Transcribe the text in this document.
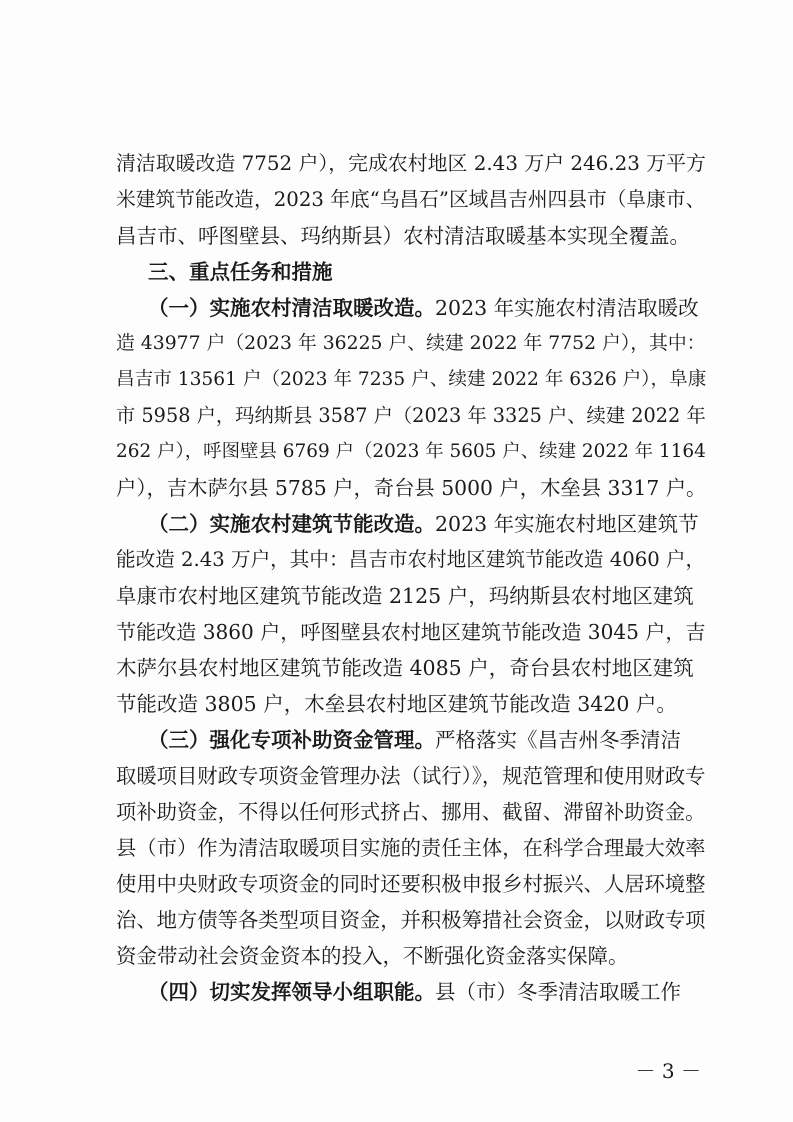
清洁取暖改造 7752 户），完成农村地区 2.43 万户 246.23 万平方
米建筑节能改造，2023 年底“乌昌石”区域昌吉州四县市（阜康市、
昌吉市、呼图壁县、玛纳斯县）农村清洁取暖基本实现全覆盖。
三、重点任务和措施
（一）实施农村清洁取暖改造。2023 年实施农村清洁取暖改
造 43977 户（2023 年 36225 户、续建 2022 年 7752 户），其中：
昌吉市 13561 户（2023 年 7235 户、续建 2022 年 6326 户），阜康
市 5958 户，玛纳斯县 3587 户（2023 年 3325 户、续建 2022 年
262 户），呼图壁县 6769 户（2023 年 5605 户、续建 2022 年 1164
户），吉木萨尔县 5785 户，奇台县 5000 户，木垒县 3317 户。
（二）实施农村建筑节能改造。2023 年实施农村地区建筑节
能改造 2.43 万户，其中：昌吉市农村地区建筑节能改造 4060 户，
阜康市农村地区建筑节能改造 2125 户，玛纳斯县农村地区建筑
节能改造 3860 户，呼图壁县农村地区建筑节能改造 3045 户，吉
木萨尔县农村地区建筑节能改造 4085 户，奇台县农村地区建筑
节能改造 3805 户，木垒县农村地区建筑节能改造 3420 户。
（三）强化专项补助资金管理。严格落实《昌吉州冬季清洁
取暖项目财政专项资金管理办法（试行）》，规范管理和使用财政专
项补助资金，不得以任何形式挤占、挪用、截留、滞留补助资金。
县（市）作为清洁取暖项目实施的责任主体，在科学合理最大效率
使用中央财政专项资金的同时还要积极申报乡村振兴、人居环境整
治、地方债等各类型项目资金，并积极筹措社会资金，以财政专项
资金带动社会资金资本的投入，不断强化资金落实保障。
（四）切实发挥领导小组职能。县（市）冬季清洁取暖工作
－ 3 －
